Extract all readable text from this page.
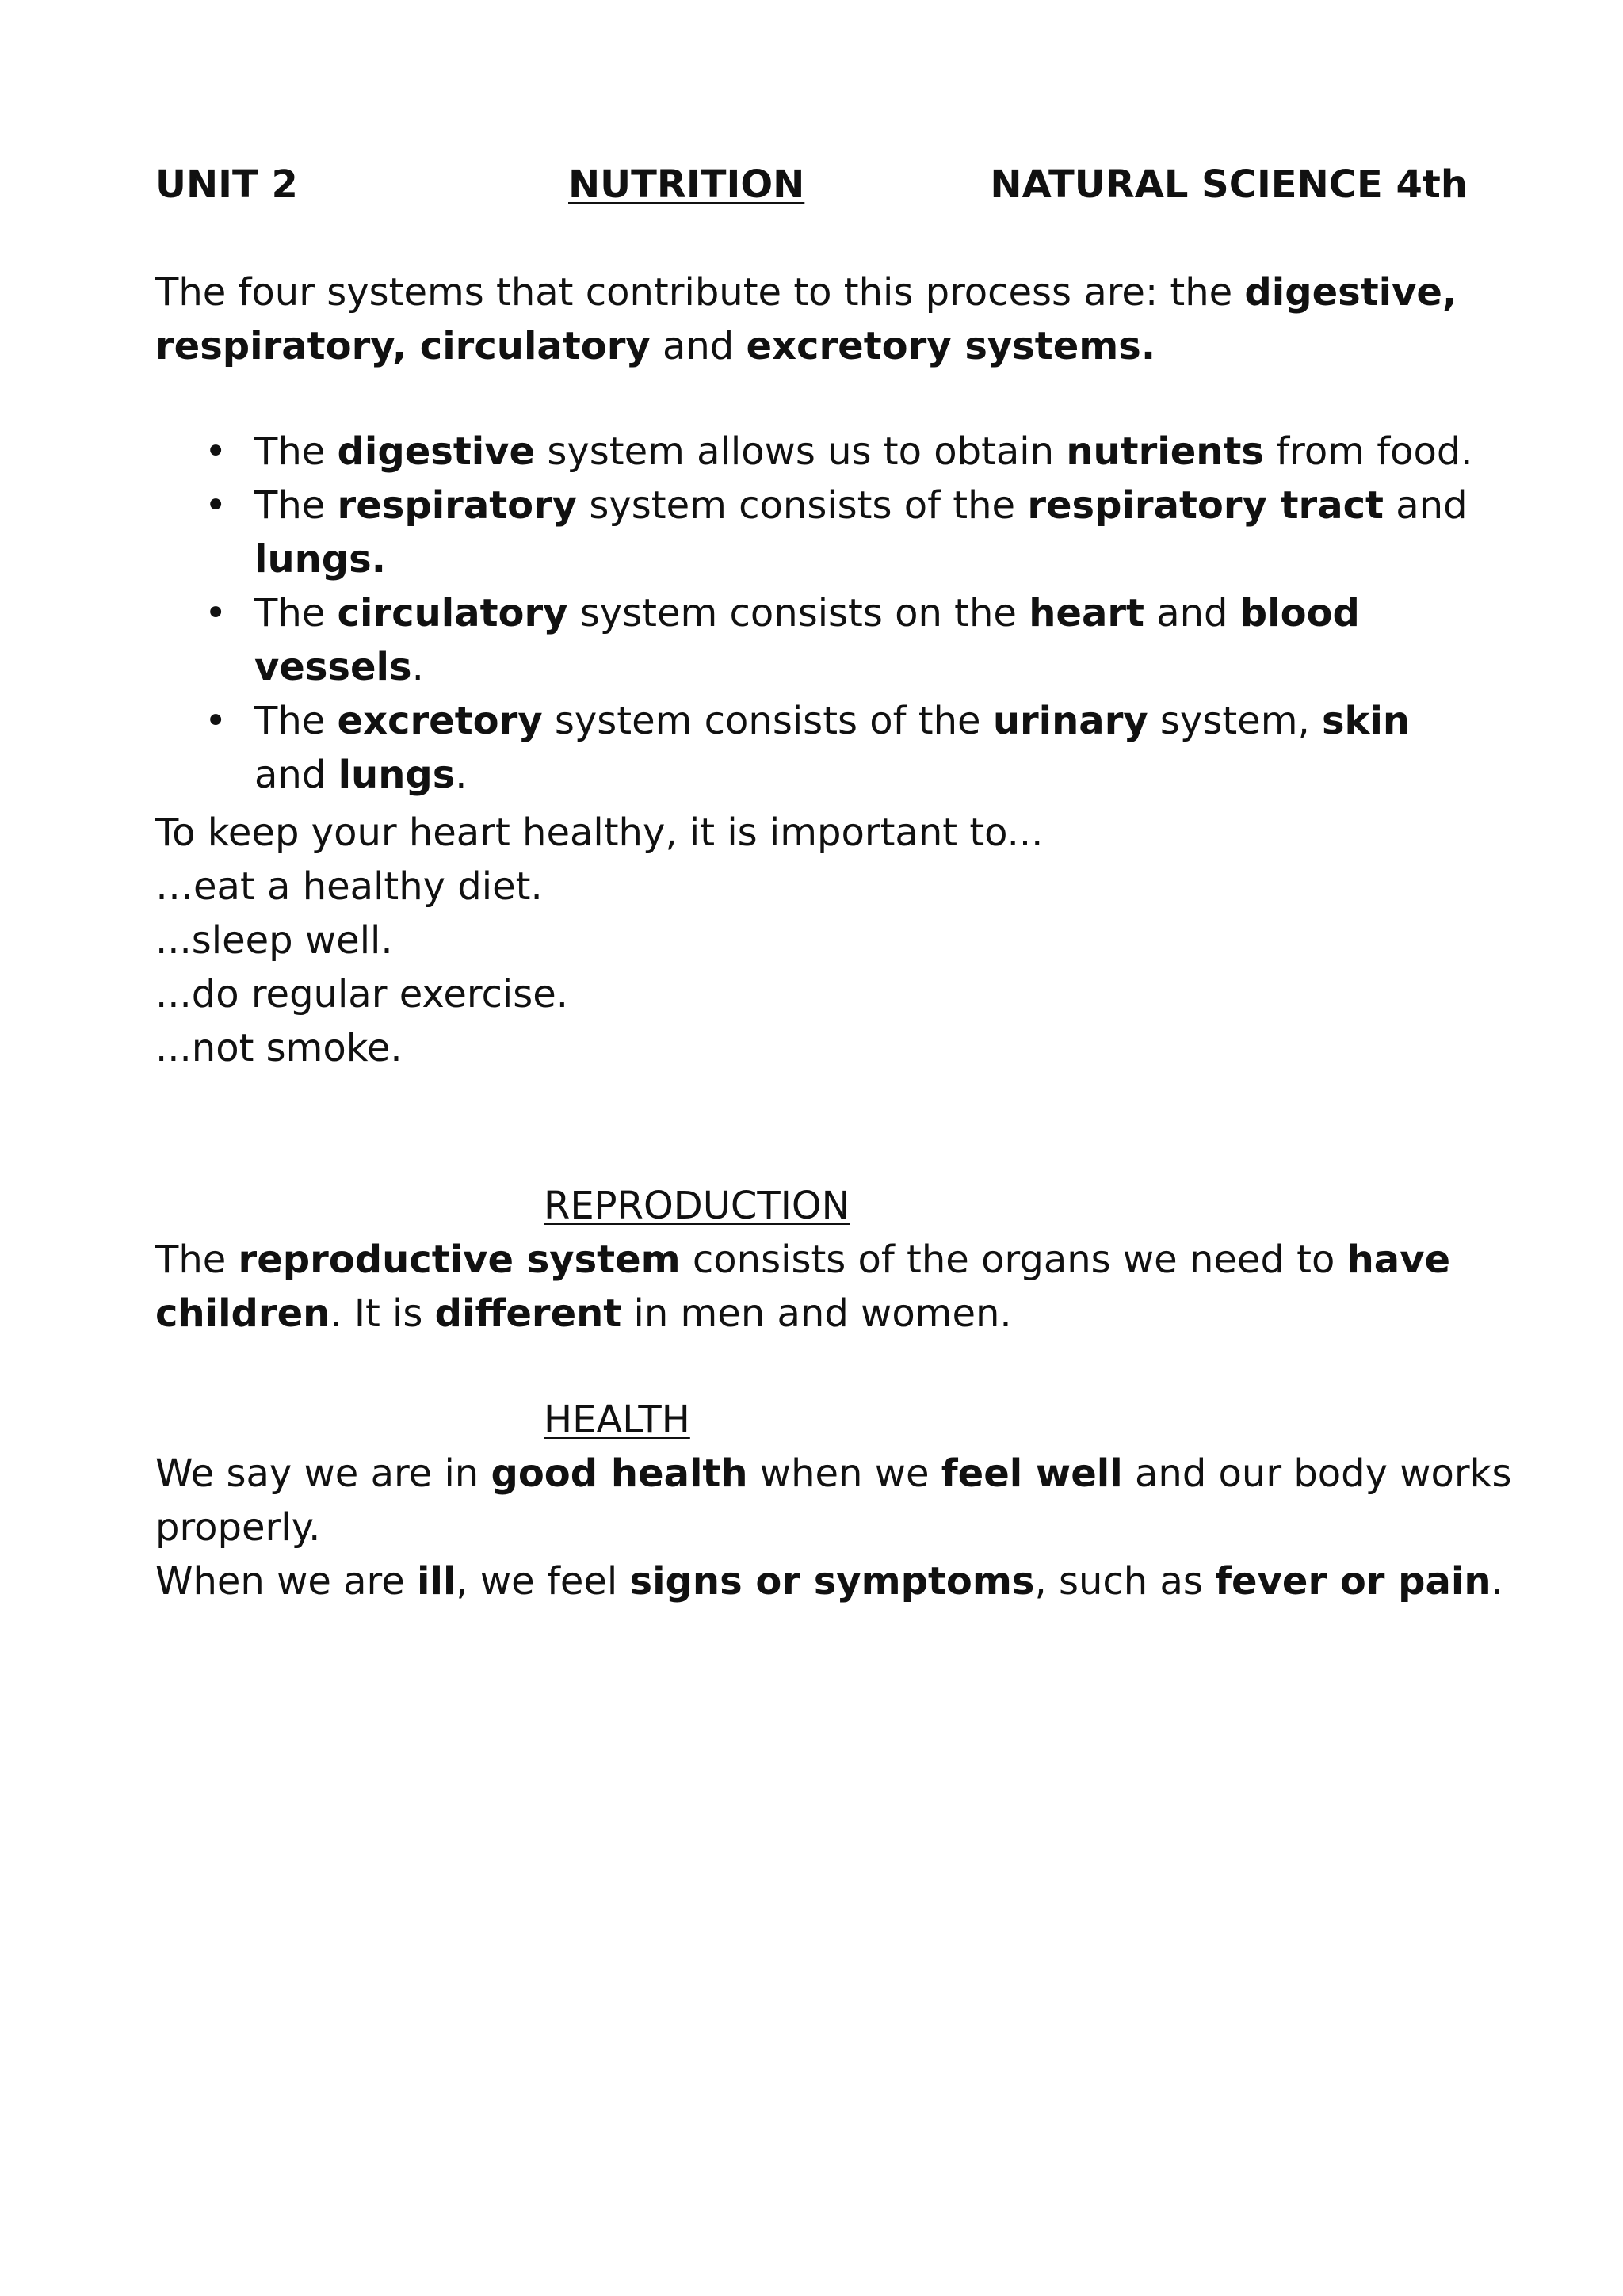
UNIT 2	NUTRITION	NATURAL SCIENCE 4th
The four systems that contribute to this process are: the digestive, respiratory, circulatory and excretory systems.
• The digestive system allows us to obtain nutrients from food.
• The respiratory system consists of the respiratory tract and lungs.
• The circulatory system consists on the heart and blood vessels.
• The excretory system consists of the urinary system, skin and lungs.
To keep your heart healthy, it is important to...
…eat a healthy diet.
...sleep well.
...do regular exercise.
...not smoke.
REPRODUCTION
The reproductive system consists of the organs we need to have children. It is different in men and women.
HEALTH
We say we are in good health when we feel well and our body works
properly.
When we are ill, we feel signs or symptoms, such as fever or pain.
